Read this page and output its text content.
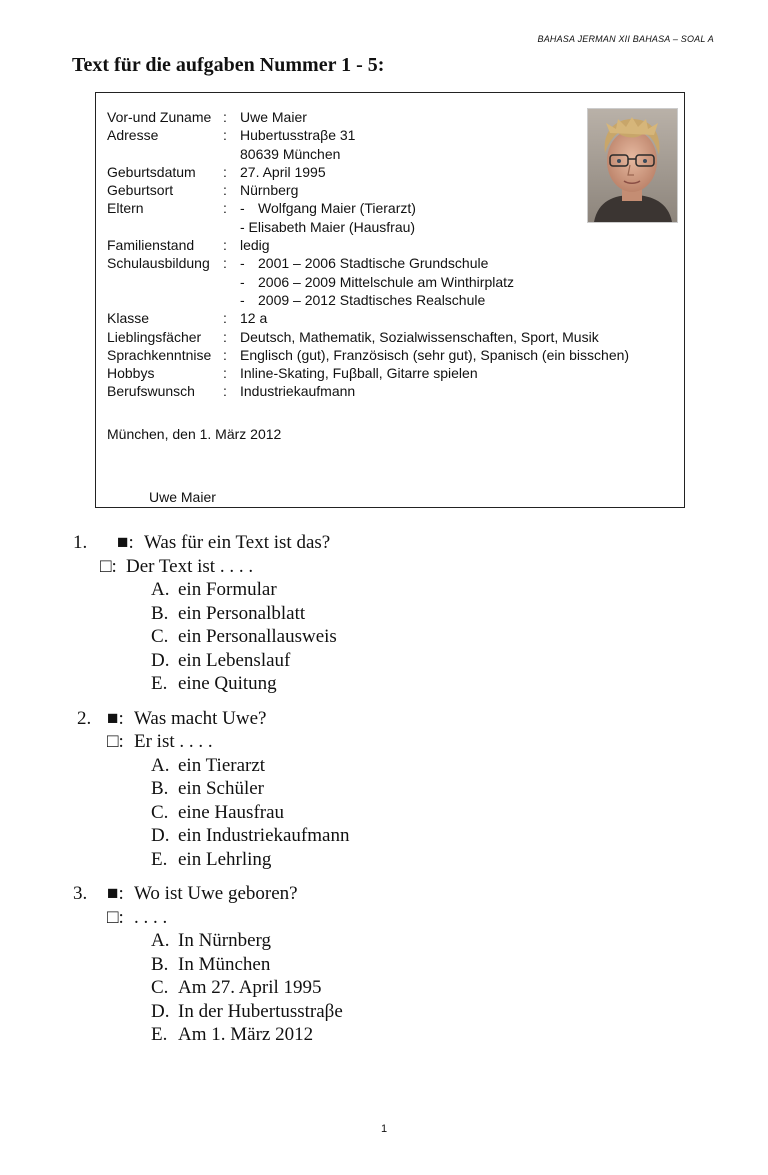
BAHASA JERMAN XII BAHASA – SOAL A
Text für die aufgaben Nummer 1 - 5:
Vor-und Zuname : Uwe Maier
Adresse	: Hubertusstraβe 31
80639 München
Geburtsdatum	: 27. April 1995
Geburtsort	: Nürnberg
Eltern	: - Wolfgang Maier (Tierarzt)
- Elisabeth Maier (Hausfrau)
Familienstand	: ledig
Schulausbildung : - 2001 – 2006 Stadtische Grundschule
- 2006 – 2009 Mittelschule am Winthirplatz
- 2009 – 2012 Stadtisches Realschule
Klasse	: 12 a
Lieblingsfächer	: Deutsch, Mathematik, Sozialwissenschaften, Sport, Musik
Sprachkenntnise : Englisch (gut), Französisch (sehr gut), Spanisch (ein bisschen)
Hobbys	: Inline-Skating, Fuβball, Gitarre spielen
Berufswunsch	: Industriekaufmann
München, den 1. März 2012
Uwe Maier
1. ■: Was für ein Text ist das?
□: Der Text ist . . . .
A. ein Formular
B. ein Personalblatt
C. ein Personallausweis
D. ein Lebenslauf
E. eine Quitung
2. ■: Was macht Uwe?
□: Er ist . . . .
A. ein Tierarzt
B. ein Schüler
C. eine Hausfrau
D. ein Industriekaufmann
E. ein Lehrling
3. ■: Wo ist Uwe geboren?
□: . . . .
A. In Nürnberg
B. In München
C. Am 27. April 1995
D. In der Hubertusstraβe
E. Am 1. März 2012
1
